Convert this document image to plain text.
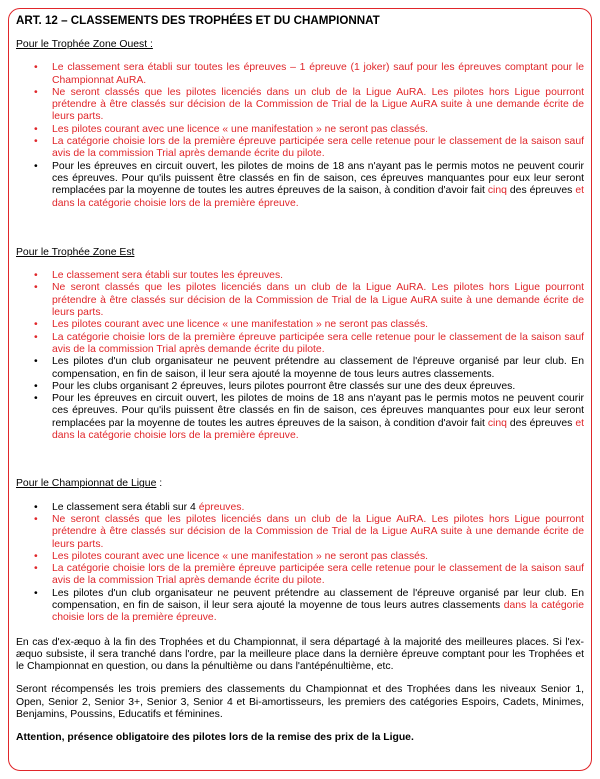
ART. 12 – CLASSEMENTS DES TROPHÉES ET DU CHAMPIONNAT
Pour le Trophée Zone Ouest :
• Le classement sera établi sur toutes les épreuves – 1 épreuve (1 joker) sauf pour les épreuves comptant pour le Championnat AuRA.
• Ne seront classés que les pilotes licenciés dans un club de la Ligue AuRA. Les pilotes hors Ligue pourront prétendre à être classés sur décision de la Commission de Trial de la Ligue AuRA suite à une demande écrite de leurs parts.
• Les pilotes courant avec une licence « une manifestation » ne seront pas classés.
• La catégorie choisie lors de la première épreuve participée sera celle retenue pour le classement de la saison sauf avis de la commission Trial après demande écrite du pilote.
• Pour les épreuves en circuit ouvert, les pilotes de moins de 18 ans n'ayant pas le permis motos ne peuvent courir ces épreuves. Pour qu'ils puissent être classés en fin de saison, ces épreuves manquantes pour eux leur seront remplacées par la moyenne de toutes les autres épreuves de la saison, à condition d'avoir fait cinq des épreuves et dans la catégorie choisie lors de la première épreuve.
Pour le Trophée Zone Est
• Le classement sera établi sur toutes les épreuves.
• Ne seront classés que les pilotes licenciés dans un club de la Ligue AuRA. Les pilotes hors Ligue pourront prétendre à être classés sur décision de la Commission de Trial de la Ligue AuRA suite à une demande écrite de leurs parts.
• Les pilotes courant avec une licence « une manifestation » ne seront pas classés.
• La catégorie choisie lors de la première épreuve participée sera celle retenue pour le classement de la saison sauf avis de la commission Trial après demande écrite du pilote.
• Les pilotes d'un club organisateur ne peuvent prétendre au classement de l'épreuve organisé par leur club. En compensation, en fin de saison, il leur sera ajouté la moyenne de tous leurs autres classements.
• Pour les clubs organisant 2 épreuves, leurs pilotes pourront être classés sur une des deux épreuves.
• Pour les épreuves en circuit ouvert, les pilotes de moins de 18 ans n'ayant pas le permis motos ne peuvent courir ces épreuves. Pour qu'ils puissent être classés en fin de saison, ces épreuves manquantes pour eux leur seront remplacées par la moyenne de toutes les autres épreuves de la saison, à condition d'avoir fait cinq des épreuves et dans la catégorie choisie lors de la première épreuve.
Pour le Championnat de Ligue :
• Le classement sera établi sur 4 épreuves.
• Ne seront classés que les pilotes licenciés dans un club de la Ligue AuRA. Les pilotes hors Ligue pourront prétendre à être classés sur décision de la Commission de Trial de la Ligue AuRA suite à une demande écrite de leurs parts.
• Les pilotes courant avec une licence « une manifestation » ne seront pas classés.
• La catégorie choisie lors de la première épreuve participée sera celle retenue pour le classement de la saison sauf avis de la commission Trial après demande écrite du pilote.
• Les pilotes d'un club organisateur ne peuvent prétendre au classement de l'épreuve organisé par leur club. En compensation, en fin de saison, il leur sera ajouté la moyenne de tous leurs autres classements dans la catégorie choisie lors de la première épreuve.

En cas d'ex-æquo à la fin des Trophées et du Championnat, il sera départagé à la majorité des meilleures places. Si l'ex-æquo subsiste, il sera tranché dans l'ordre, par la meilleure place dans la dernière épreuve comptant pour les Trophées et le Championnat en question, ou dans la pénultième ou dans l'antépénultième, etc.

Seront récompensés les trois premiers des classements du Championnat et des Trophées dans les niveaux Senior 1, Open, Senior 2, Senior 3+, Senior 3, Senior 4 et Bi-amortisseurs, les premiers des catégories Espoirs, Cadets, Minimes, Benjamins, Poussins, Educatifs et féminines.

Attention, présence obligatoire des pilotes lors de la remise des prix de la Ligue.
